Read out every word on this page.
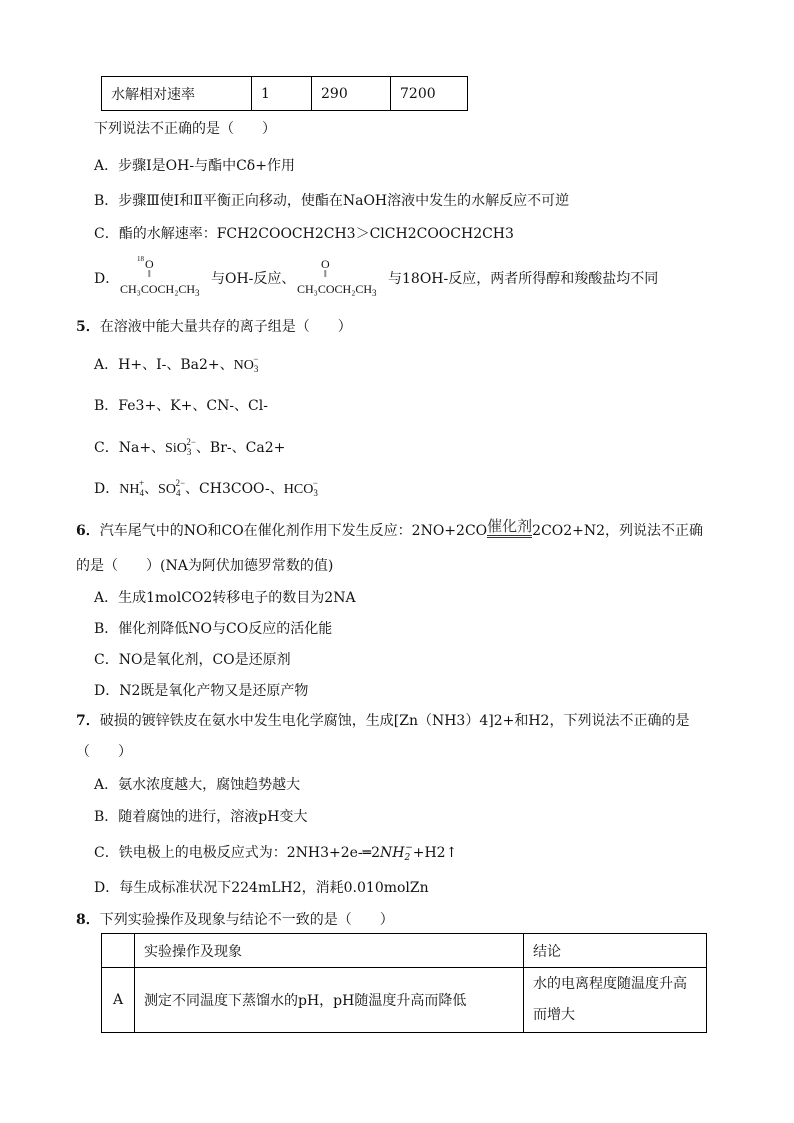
水解相对速率	1	290	7200
下列说法不正确的是（　　）
A．步骤Ⅰ是OH-与酯中Cδ+作用
B．步骤Ⅲ使Ⅰ和Ⅱ平衡正向移动，使酯在NaOH溶液中发生的水解反应不可逆
C．酯的水解速率：FCH2COOCH2CH3＞ClCH2COOCH2CH3
D．
18 O
‖
$CH_3COCH_2CH_3$
与OH-反应、
O
‖
$CH_3COCH_2CH_3$
与18OH-反应，两者所得醇和羧酸盐均不同
5．在溶液中能大量共存的离子组是（　　）
A．H+、I-、Ba2+、$NO_3^-$
B．Fe3+、K+、CN-、Cl-
C．Na+、SiO$_3^{2-}$、Br-、Ca2+
D．$NH_4^+$、$SO_4^{2-}$、CH3COO-、$HCO_3^-$
6．汽车尾气中的NO和CO在催化剂作用下发生反应：2NO+2CO催化剂2CO2+N2，列说法不正确
的是（　　）(NA为阿伏加德罗常数的值)
A．生成1molCO2转移电子的数目为2NA
B．催化剂降低NO与CO反应的活化能
C．NO是氧化剂，CO是还原剂
D．N2既是氧化产物又是还原产物
7．破损的镀锌铁皮在氨水中发生电化学腐蚀，生成[Zn（NH3）4]2+和H2，下列说法不正确的是
（　　）
A．氨水浓度越大，腐蚀趋势越大
B．随着腐蚀的进行，溶液pH变大
C．铁电极上的电极反应式为：$2NH3+2e-═2NH_2^-+H2↑$
D．每生成标准状况下224mLH2，消耗0.010molZn
8．下列实验操作及现象与结论不一致的是（　　）
	实验操作及现象	结论
A	测定不同温度下蒸馏水的pH，pH随温度升高而降低	水的电离程度随温度升高
而增大
